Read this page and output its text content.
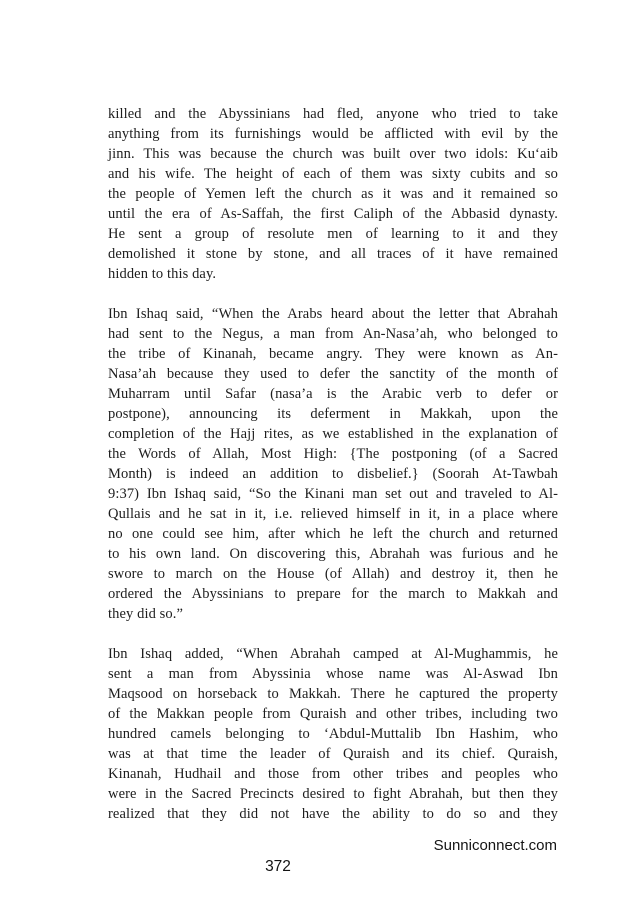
killed and the Abyssinians had fled, anyone who tried to take
anything from its furnishings would be afflicted with evil by the
jinn. This was because the church was built over two idols: Ku‘aib
and his wife. The height of each of them was sixty cubits and so
the people of Yemen left the church as it was and it remained so
until the era of As-Saffah, the first Caliph of the Abbasid dynasty.
He sent a group of resolute men of learning to it and they
demolished it stone by stone, and all traces of it have remained
hidden to this day.
Ibn Ishaq said, “When the Arabs heard about the letter that Abrahah
had sent to the Negus, a man from An-Nasa’ah, who belonged to
the tribe of Kinanah, became angry. They were known as An-
Nasa’ah because they used to defer the sanctity of the month of
Muharram until Safar (nasa’a is the Arabic verb to defer or
postpone), announcing its deferment in Makkah, upon the
completion of the Hajj rites, as we established in the explanation of
the Words of Allah, Most High: {The postponing (of a Sacred
Month) is indeed an addition to disbelief.} (Soorah At-Tawbah
9:37) Ibn Ishaq said, “So the Kinani man set out and traveled to Al-
Qullais and he sat in it, i.e. relieved himself in it, in a place where
no one could see him, after which he left the church and returned
to his own land. On discovering this, Abrahah was furious and he
swore to march on the House (of Allah) and destroy it, then he
ordered the Abyssinians to prepare for the march to Makkah and
they did so.”
Ibn Ishaq added, “When Abrahah camped at Al-Mughammis, he
sent a man from Abyssinia whose name was Al-Aswad Ibn
Maqsood on horseback to Makkah. There he captured the property
of the Makkan people from Quraish and other tribes, including two
hundred camels belonging to ‘Abdul-Muttalib Ibn Hashim, who
was at that time the leader of Quraish and its chief. Quraish,
Kinanah, Hudhail and those from other tribes and peoples who
were in the Sacred Precincts desired to fight Abrahah, but then they
realized that they did not have the ability to do so and they
Sunniconnect.com
372
